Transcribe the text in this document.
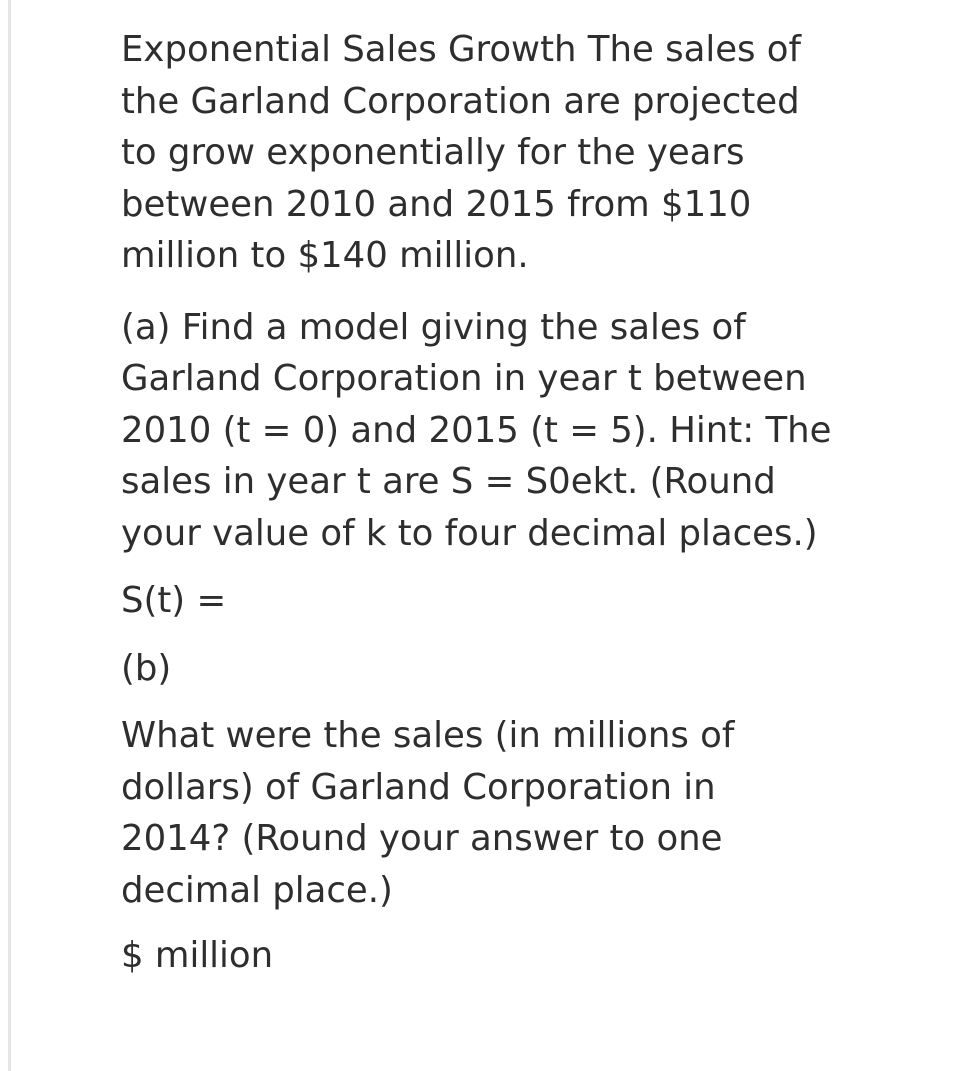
Exponential Sales Growth The sales of
the Garland Corporation are projected
to grow exponentially for the years
between 2010 and 2015 from $110
million to $140 million.

(a) Find a model giving the sales of
Garland Corporation in year t between
2010 (t = 0) and 2015 (t = 5). Hint: The
sales in year t are S = S0ekt. (Round
your value of k to four decimal places.)

S(t) =

(b)

What were the sales (in millions of
dollars) of Garland Corporation in
2014? (Round your answer to one
decimal place.)

$ million
